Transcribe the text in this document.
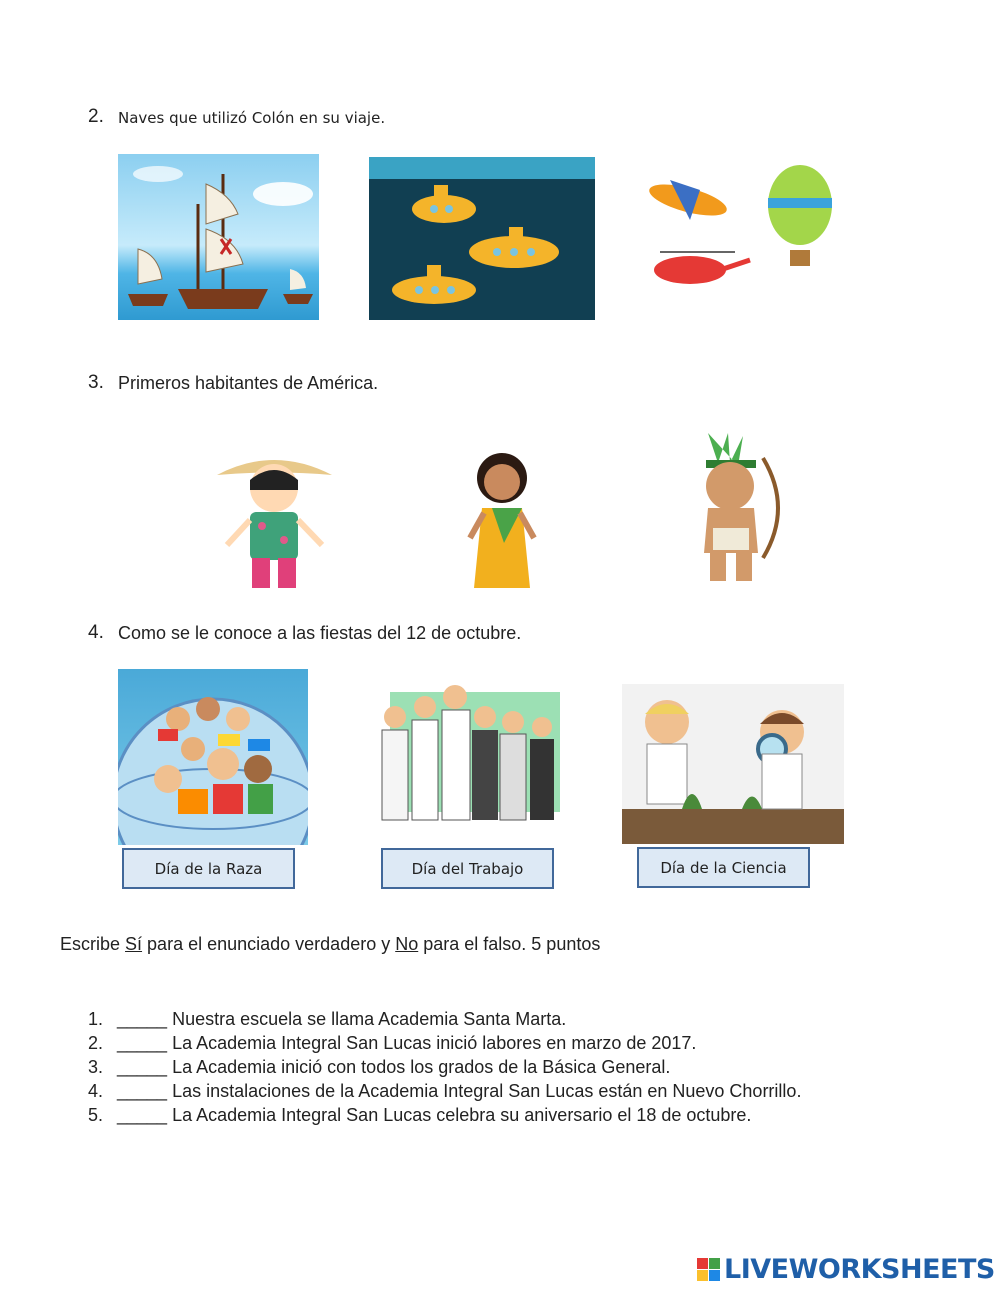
2. Naves que utilizó Colón en su viaje.
3. Primeros habitantes de América.
4. Como se le conoce a las fiestas del 12 de octubre.
Día de la Raza	Día del Trabajo	Día de la Ciencia
Escribe Sí para el enunciado verdadero y No para el falso. 5 puntos
1. _____ Nuestra escuela se llama Academia Santa Marta.
2. _____ La Academia Integral San Lucas inició labores en marzo de 2017.
3. _____ La Academia inició con todos los grados de la Básica General.
4. _____ Las instalaciones de la Academia Integral San Lucas están en Nuevo Chorrillo.
5. _____ La Academia Integral San Lucas celebra su aniversario el 18 de octubre.
LIVEWORKSHEETS
